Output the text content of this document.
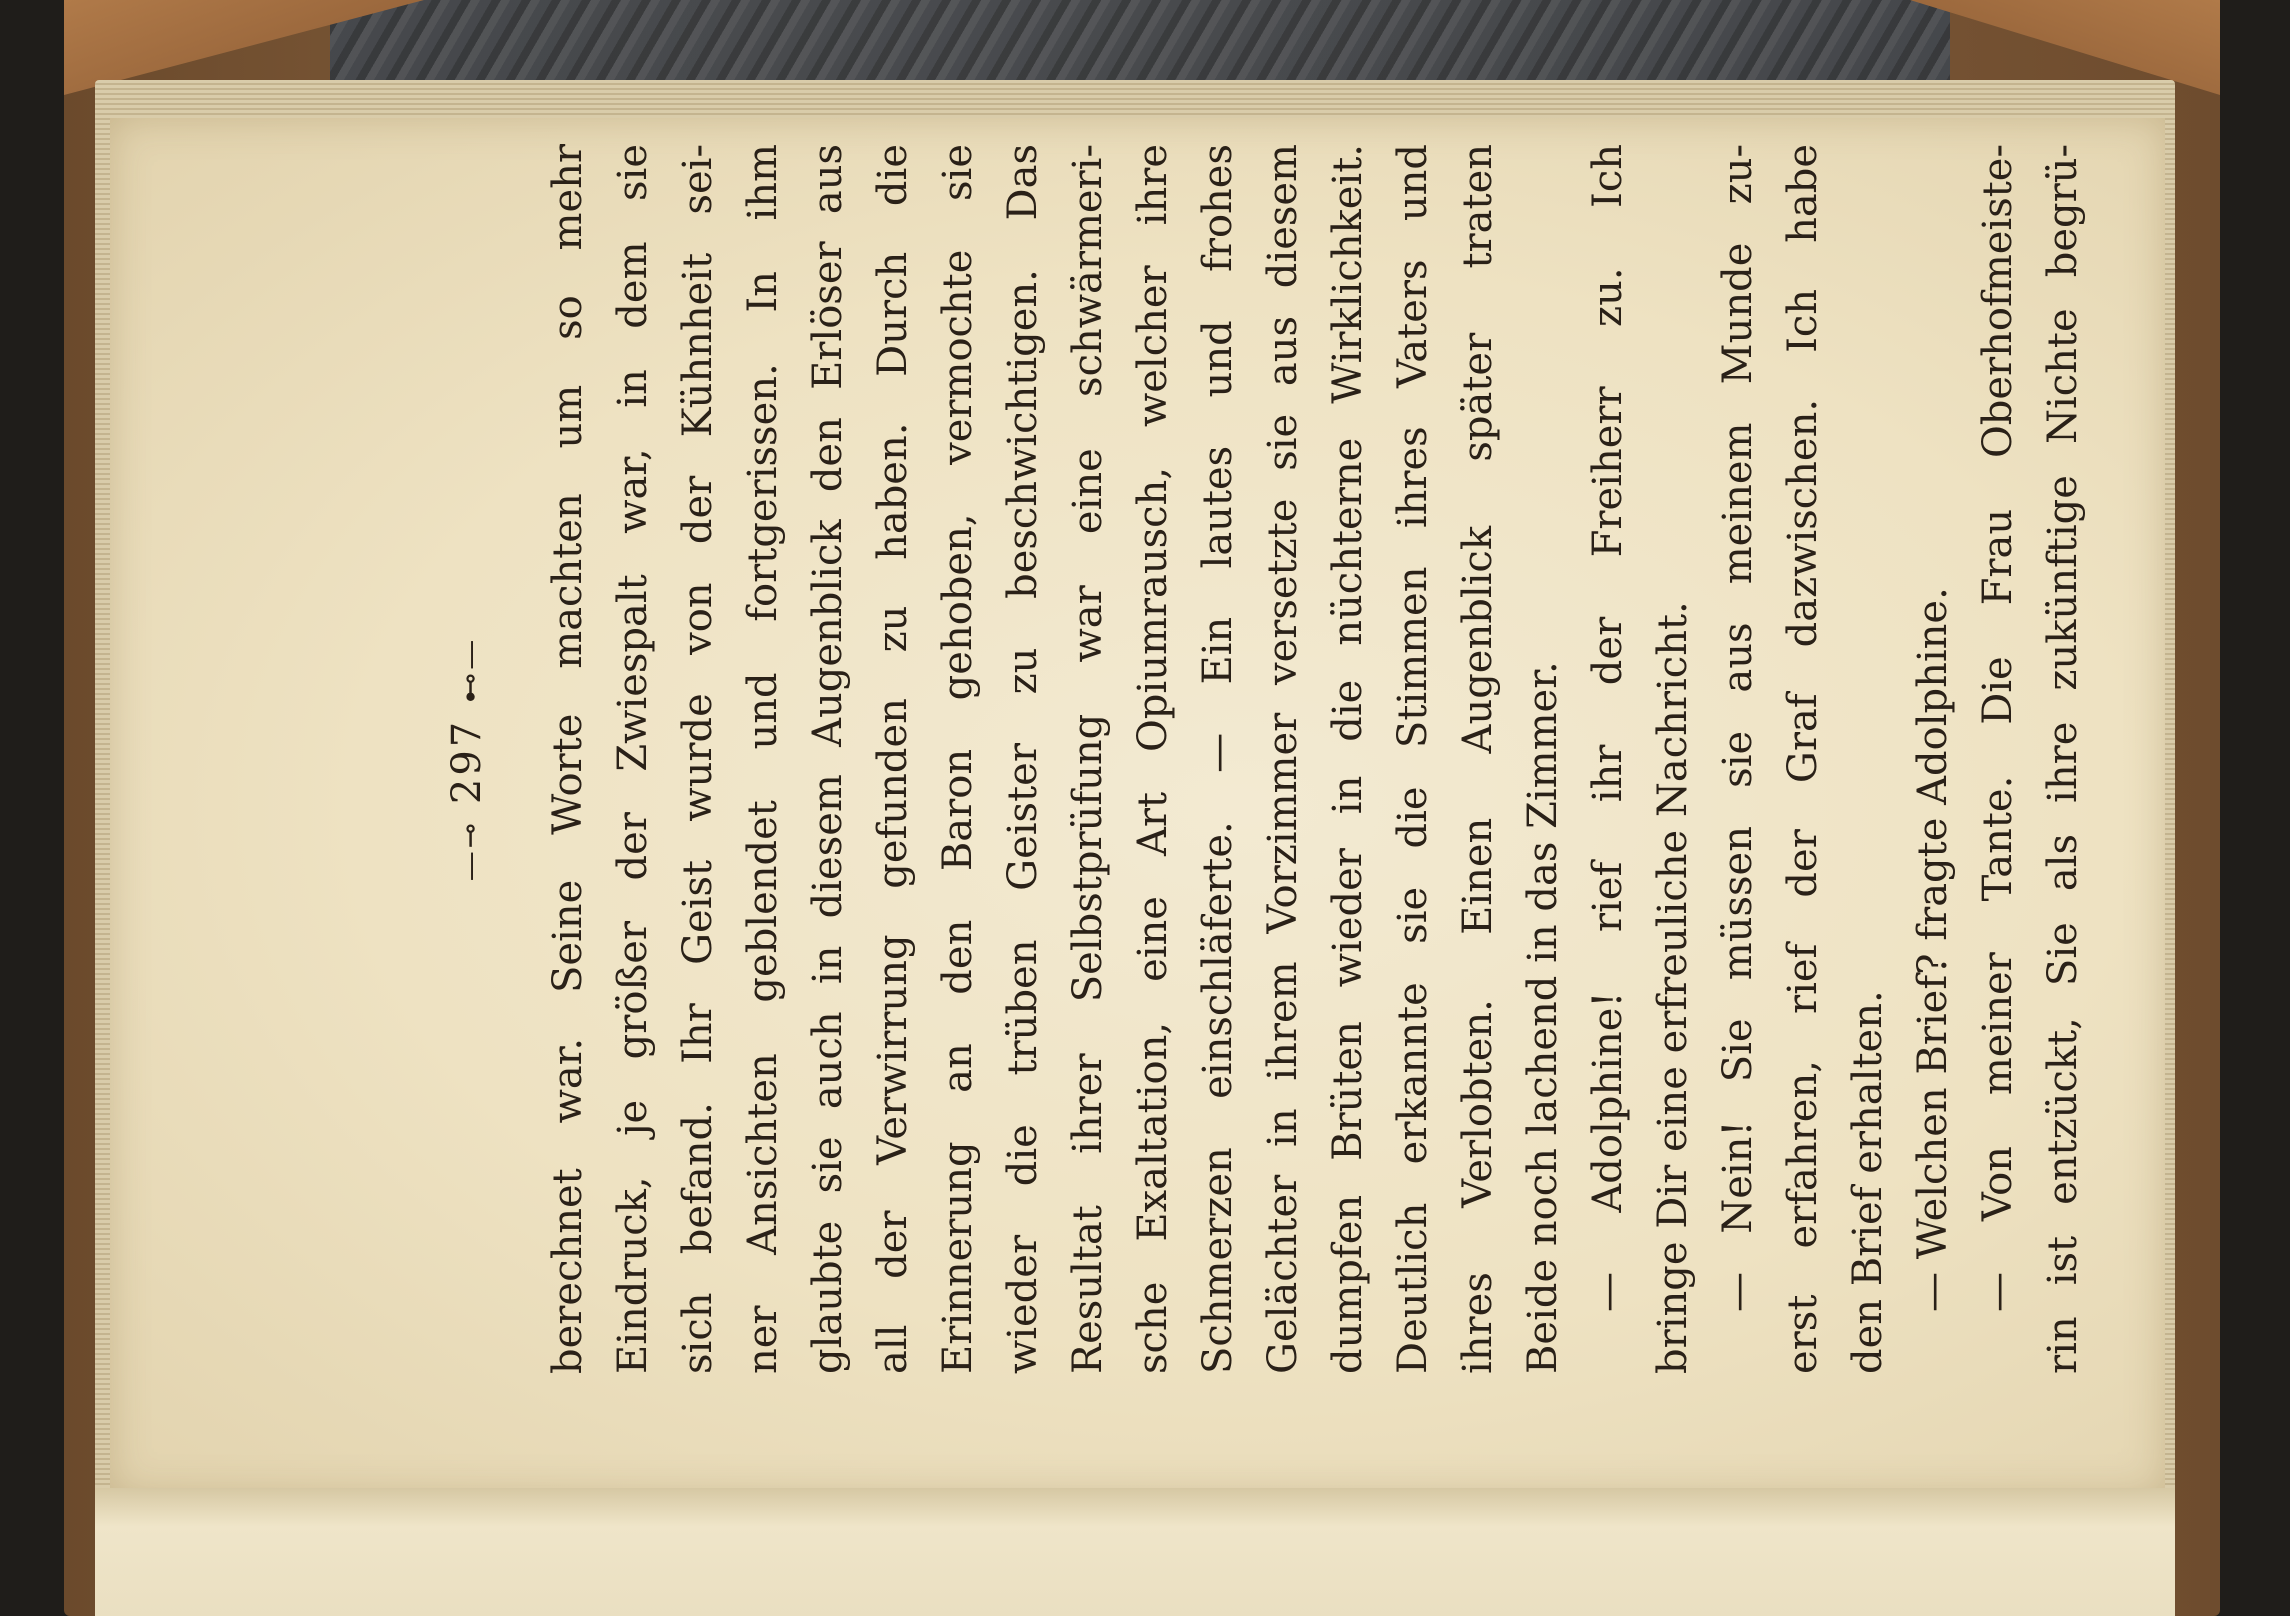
—⊸297⊷—	berechnet war. Seine Worte machten um so mehr Eindruck, je größer der Zwiespalt war, in dem sie sich befand. Ihr Geist wurde von der Kühnheit sei- ner Ansichten geblendet und fortgerissen. In ihm glaubte sie auch in diesem Augenblick den Erlöser aus all der Verwirrung gefunden zu haben. Durch die Erinnerung an den Baron gehoben, vermochte sie wieder die trüben Geister zu beschwichtigen. Das Resultat ihrer Selbstprüfung war eine schwärmeri- sche Exaltation, eine Art Opiumrausch, welcher ihre Schmerzen einschläferte. — Ein lautes und frohes Gelächter in ihrem Vorzimmer versetzte sie aus diesem dumpfen Brüten wieder in die nüchterne Wirklichkeit. Deutlich erkannte sie die Stimmen ihres Vaters und ihres Verlobten. Einen Augenblick später traten Beide noch lachend in das Zimmer. — Adolphine! rief ihr der Freiherr zu. Ich bringe Dir eine erfreuliche Nachricht. — Nein! Sie müssen sie aus meinem Munde zu- erst erfahren, rief der Graf dazwischen. Ich habe den Brief erhalten. — Welchen Brief? fragte Adolphine. — Von meiner Tante. Die Frau Oberhofmeiste- rin ist entzückt, Sie als ihre zukünftige Nichte begrü-
